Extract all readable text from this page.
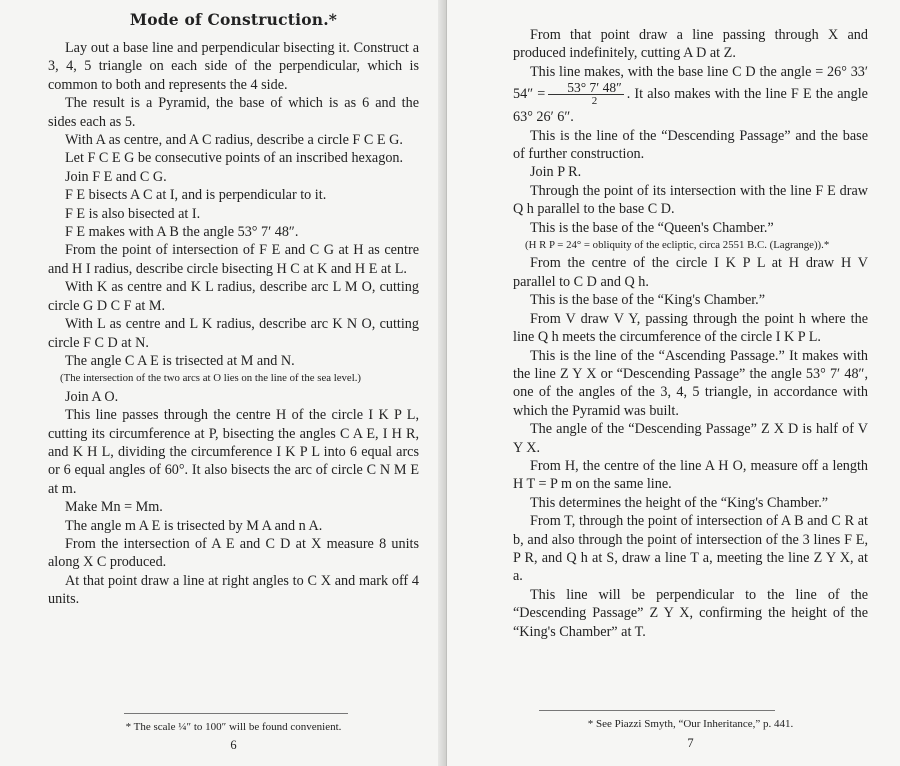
Mode of Construction.*

Lay out a base line and perpendicular bisecting it. Construct a 3, 4, 5 triangle on each side of the perpendicular, which is common to both and represents the 4 side.

The result is a Pyramid, the base of which is as 6 and the sides each as 5.

With A as centre, and A C radius, describe a circle F C E G.

Let F C E G be consecutive points of an inscribed hexagon.

Join F E and C G.

F E bisects A C at I, and is perpendicular to it.

F E is also bisected at I.

F E makes with A B the angle 53° 7′ 48″.

From the point of intersection of F E and C G at H as centre and H I radius, describe circle bisecting H C at K and H E at L.

With K as centre and K L radius, describe arc L M O, cutting circle G D C F at M.

With L as centre and L K radius, describe arc K N O, cutting circle F C D at N.

The angle C A E is trisected at M and N.

(The intersection of the two arcs at O lies on the line of the sea level.)

Join A O.

This line passes through the centre H of the circle I K P L, cutting its circumference at P, bisecting the angles C A E, I H R, and K H L, dividing the circumference I K P L into 6 equal arcs or 6 equal angles of 60°. It also bisects the arc of circle C N M E at m.

Make Mn = Mm.

The angle m A E is trisected by M A and n A.

From the intersection of A E and C D at X measure 8 units along X C produced.

At that point draw a line at right angles to C X and mark off 4 units.

* The scale ¼″ to 100″ will be found convenient.
6

From that point draw a line passing through X and produced indefinitely, cutting A D at Z.

This line makes, with the base line C D the angle = 26° 33′ $54'' = \frac{53^\circ 7' 48''}{2}$ . It also makes with the line F E the angle 63° 26′ 6″.

This is the line of the “Descending Passage” and the base of further construction.

Join P R.

Through the point of its intersection with the line F E draw Q h parallel to the base C D.

This is the base of the “Queen's Chamber.”

(H R P = 24° = obliquity of the ecliptic, circa 2551 B.C. (Lagrange)).*

From the centre of the circle I K P L at H draw H V parallel to C D and Q h.

This is the base of the “King's Chamber.”

From V draw V Y, passing through the point h where the line Q h meets the circumference of the circle I K P L.

This is the line of the “Ascending Passage.” It makes with the line Z Y X or “Descending Passage” the angle 53° 7′ 48″, one of the angles of the 3, 4, 5 triangle, in accordance with which the Pyramid was built.

The angle of the “Descending Passage” Z X D is half of V Y X.

From H, the centre of the line A H O, measure off a length H T = P m on the same line.

This determines the height of the “King's Chamber.”

From T, through the point of intersection of A B and C R at b, and also through the point of intersection of the 3 lines F E, P R, and Q h at S, draw a line T a, meeting the line Z Y X, at a.

This line will be perpendicular to the line of the “Descending Passage” Z Y X, confirming the height of the “King's Chamber” at T.

* See Piazzi Smyth, “Our Inheritance,” p. 441.
7
